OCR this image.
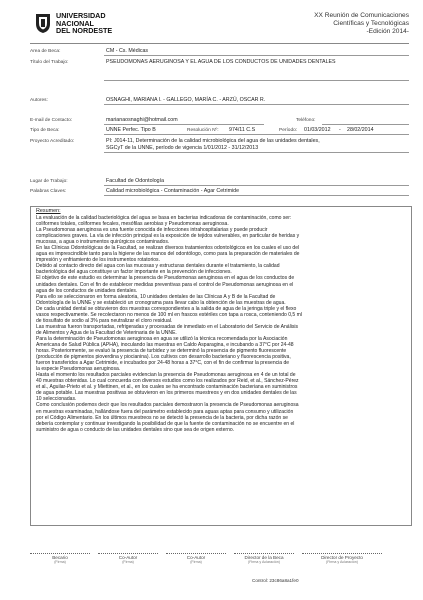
UNIVERSIDAD
NACIONAL
DEL NORDESTE
XX Reunión de Comunicaciones
Científicas y Tecnológicas
-Edición 2014-
Area de Beca:	CM - Cs. Médicas
Título del Trabajo:	PSEUDOMONAS AERUGINOSA Y EL AGUA DE LOS CONDUCTOS DE UNIDADES DENTALES
Autores:	OSNAGHI, MARIANA I. - GALLEGO, MARÍA C. - ARZÚ, OSCAR R.
E-mail de Contacto:	marianaosnaghi@hotmail.com	Teléfono:
Tipo de Beca:	UNNE Perfec. Tipo B	Resolución Nº: 974/11 C.S	Período: 01/03/2012 - 28/02/2014
Proyecto Acreditado:	PI: J014-11, Determinación de la calidad microbiológica del agua de las unidades dentales,
SGCyT de la UNNE, período de vigencia 1/01/2012 - 31/12/2013
Lugar de Trabajo:	Facultad de Odontología
Palabras Claves:	Calidad microbiológica - Contaminación - Agar Cetrimide
Resumen:

La evaluación de la calidad bacteriológica del agua se basa en bacterias indicadoras de contaminación, como ser:

coliformes totales, coliformes fecales, mesófilas aerobias y Pseudomonas aeruginosa.

La Pseudomonas aeruginosa es una fuente conocida de infecciones intrahospitalarias y puede producir

complicaciones graves. La vía de infección principal es la exposición de tejidos vulnerables, en particular de heridas y

mucosas, a agua o instrumentos quirúrgicos contaminados.

En las Clínicas Odontológicas de la Facultad, se realizan diversos tratamientos odontológicos en los cuales el uso del

agua es imprescindible tanto para la higiene de las manos del odontólogo, como para la preparación de materiales de

impresión y enfriamiento de los instrumentos rotatorios.

Debido al contacto directo del agua con las mucosas y estructuras dentales durante el tratamiento, la calidad

bacteriológica del agua constituye un factor importante en la prevención de infecciones.

El objetivo de este estudio es determinar la presencia de Pseudomonas aeruginosa en el agua de los conductos de

unidades dentales. Con el fin de establecer medidas preventivas para el control de Pseudomonas aeruginosa en el

agua de los conductos de unidades dentales.

Para ello se seleccionaron en forma aleatoria, 10 unidades dentales de las Clínicas A y B de la Facultad de

Odontología de la UNNE y se estableció un cronograma para llevar cabo la obtención de las muestras de agua.

De cada unidad dental se obtuvieron dos muestras correspondientes a la salida de agua de la jeringa triple y el flexo

vasos respectivamente. Se recolectaron no menos de 100 ml en frascos estériles con tapa a rosca, conteniendo 0,5 ml

de tiosulfato de sodio al 3% para neutralizar el cloro residual.

Las muestras fueron transportadas, refrigeradas y procesadas de inmediato en el Laboratorio del Servicio de Análisis

de Alimentos y Agua de la Facultad de Veterinaria de la UNNE.

Para la determinación de Pseudomonas aeruginosa en agua se utilizó la técnica recomendada por la Asociación

Americana de Salud Pública (APHA), inoculando las muestras en Caldo Asparagina, e incubando a 37°C por 24-48

horas. Posteriormente, se evaluó la presencia de turbidez y se determinó la presencia de pigmento fluorescente

(producción de pigmentos pioverdina y piocianina). Los cultivos con desarrollo bacteriano y fluorescencia positiva,

fueron transferidos a Agar Cetrimide, e incubados por 24-48 horas a 37°C, con el fin de confirmar la presencia de

la especie Pseudomonas aeruginosa.

Hasta el momento los resultados parciales evidencian la presencia de Pseudomonas aeruginosa en 4 de un total de

40 muestras obtenidas. Lo cual concuerda con diversos estudios como los realizados por Reid, et al., Sánchez-Pérez

et al., Aguilar-Prieto et al. y Miettinen, et al., en los cuales se ha encontrado contaminación bacteriana en suministros

de agua potable. Las muestras positivas se obtuvieron en los primeros muestreos y en dos unidades dentales de las

10 seleccionadas.

Como conclusión podemos decir que los resultados parciales demostraron la presencia de Pseudomonas aeruginosa

en muestras examinadas, hallándose fuera del parámetro establecido para aguas aptas para consumo y utilización

por el Código Alimentario. En los últimos muestreos no se detectó la presencia de la bacteria, por dicha razón se

debería contemplar y continuar investigando la posibilidad de que la fuente de contaminación no se encuentre en el

suministro de agua o conducto de las unidades dentales sino que sea de origen externo.

Becario
(Firma)
Co-Autor
(Firma)
Co-Autor
(Firma)
Director de la Beca
(Firma y Aclaración)
Director de Proyecto
(Firma y Aclaración)
Control: 23c86a8a1fe0
